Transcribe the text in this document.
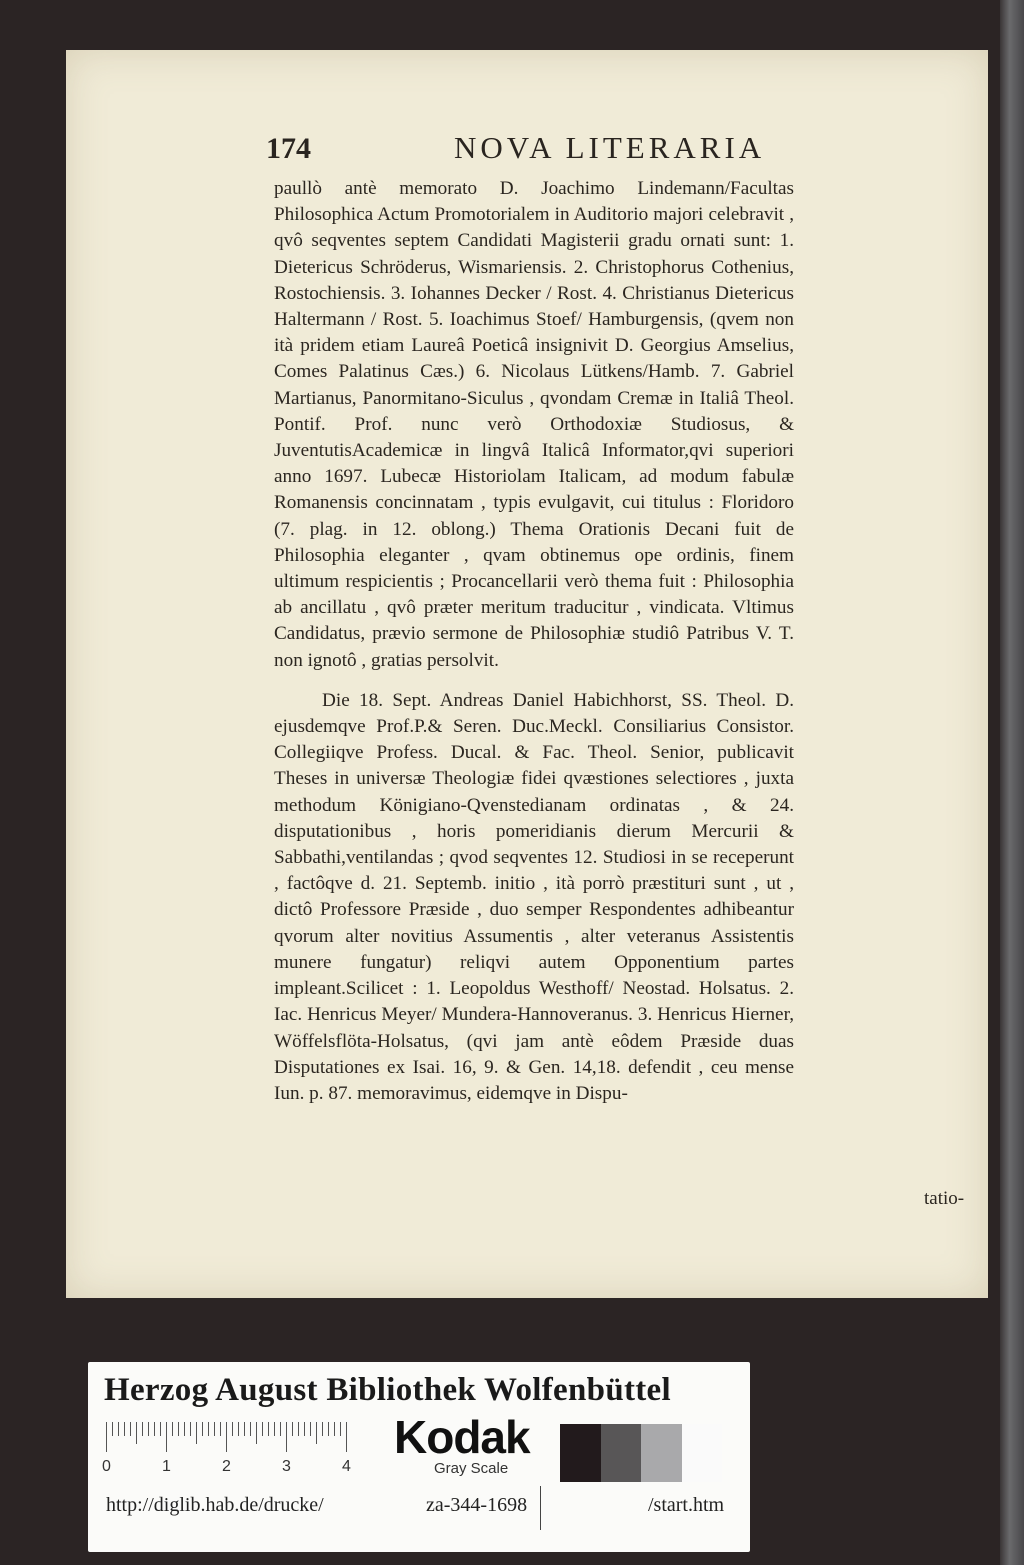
174	NOVA LITERARIA

paullò antè memorato D. Joachimo Lindemann/Facultas Philosophica Actum Promotorialem in Auditorio majori celebravit , qvô seqventes septem Candidati Magisterii gradu ornati sunt: 1. Dietericus Schröderus, Wismariensis. 2. Christophorus Cothenius, Rostochiensis. 3. Iohannes Decker / Rost. 4. Christianus Dietericus Haltermann / Rost. 5. Ioachimus Stoef/ Hamburgensis, (qvem non ità pridem etiam Laureâ Poeticâ insignivit D. Georgius Amselius, Comes Palatinus Cæs.) 6. Nicolaus Lütkens/Hamb. 7. Gabriel Martianus, Panormitano-Siculus , qvondam Cremæ in Italiâ Theol. Pontif. Prof. nunc verò Orthodoxiæ Studiosus, & JuventutisAcademicæ in lingvâ Italicâ Informator,qvi superiori anno 1697. Lubecæ Historiolam Italicam, ad modum fabulæ Romanensis concinnatam , typis evulgavit, cui titulus : Floridoro (7. plag. in 12. oblong.) Thema Orationis Decani fuit de Philosophia eleganter , qvam obtinemus ope ordinis, finem ultimum respicientis ; Procancellarii verò thema fuit : Philosophia ab ancillatu , qvô præter meritum traducitur , vindicata. Vltimus Candidatus, prævio sermone de Philosophiæ studiô Patribus V. T. non ignotô , gratias persolvit.

Die 18. Sept. Andreas Daniel Habichhorst, SS. Theol. D. ejusdemqve Prof.P.& Seren. Duc.Meckl. Consiliarius Consistor. Collegiiqve Profess. Ducal. & Fac. Theol. Senior, publicavit Theses in universæ Theologiæ fidei qvæstiones selectiores , juxta methodum Königiano-Qvenstedianam ordinatas , & 24. disputationibus , horis pomeridianis dierum Mercurii & Sabbathi,ventilandas ; qvod seqventes 12. Studiosi in se receperunt , factôqve d. 21. Septemb. initio , ità porrò præstituri sunt , ut , dictô Professore Præside , duo semper Respondentes adhibeantur qvorum alter novitius Assumentis , alter veteranus Assistentis munere fungatur) reliqvi autem Opponentium partes impleant.Scilicet : 1. Leopoldus Westhoff/ Neostad. Holsatus. 2. Iac. Henricus Meyer/ Mundera-Hannoveranus. 3. Henricus Hierner, Wöffelsflöta-Holsatus, (qvi jam antè eôdem Præside duas Disputationes ex Isai. 16, 9. & Gen. 14,18. defendit , ceu mense Iun. p. 87. memoravimus, eidemqve in Dispu-

tatio-
Herzog August Bibliothek Wolfenbüttel
0	1	2	3	4
Kodak
Gray Scale
http://diglib.hab.de/drucke/	za-344-1698	/start.htm
